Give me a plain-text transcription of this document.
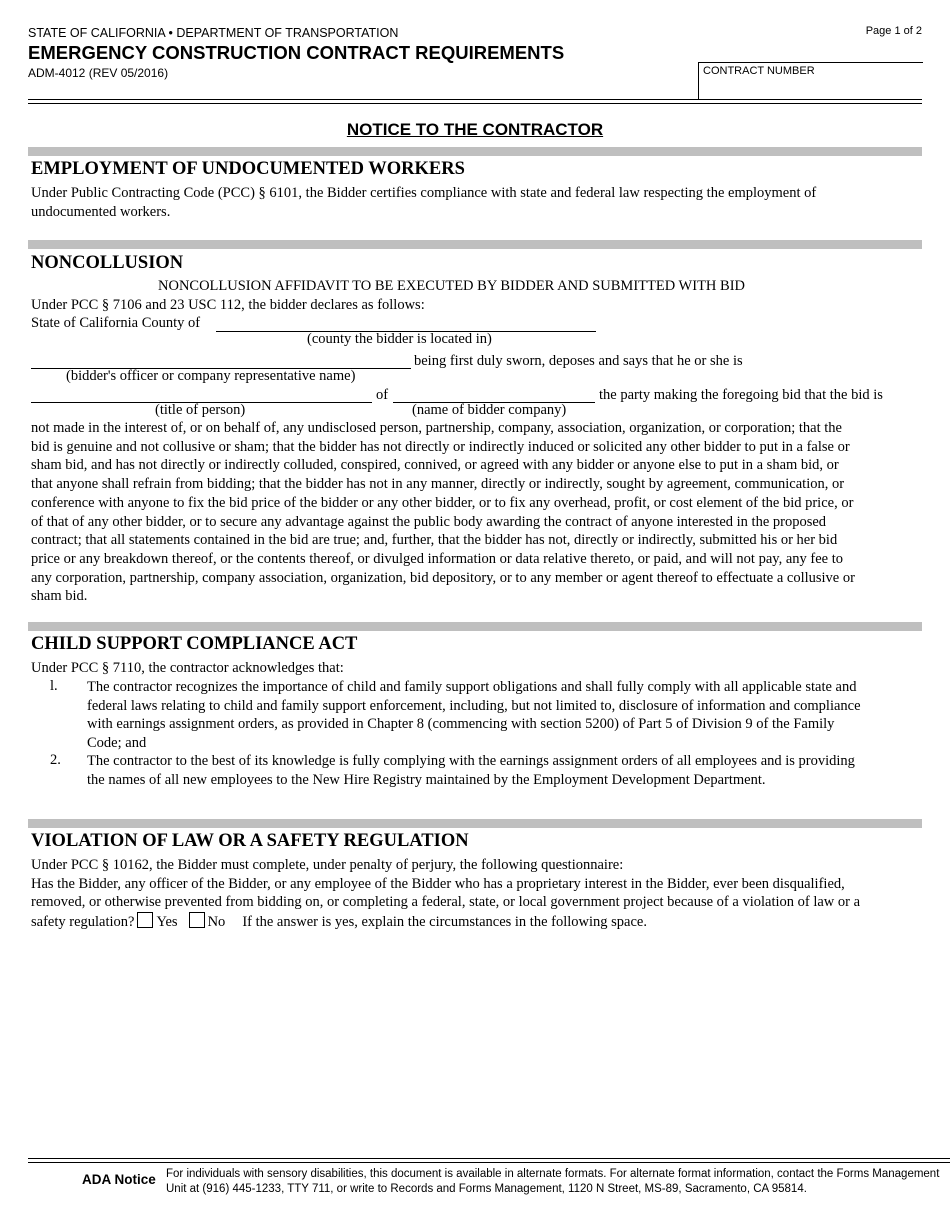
STATE OF CALIFORNIA • DEPARTMENT OF TRANSPORTATION
EMERGENCY CONSTRUCTION CONTRACT REQUIREMENTS
ADM-4012 (REV 05/2016)
Page 1 of 2
CONTRACT NUMBER
NOTICE TO THE CONTRACTOR
EMPLOYMENT OF UNDOCUMENTED WORKERS
Under Public Contracting Code (PCC) § 6101, the Bidder certifies compliance with state and federal law respecting the employment of
undocumented workers.
NONCOLLUSION
NONCOLLUSION AFFIDAVIT TO BE EXECUTED BY BIDDER AND SUBMITTED WITH BID
Under PCC § 7106 and 23 USC 112, the bidder declares as follows:
State of California County of
(county the bidder is located in)
being first duly sworn, deposes and says that he or she is
(bidder's officer or company representative name)
of	the party making the foregoing bid that the bid is
(title of person)	(name of bidder company)
not made in the interest of, or on behalf of, any undisclosed person, partnership, company, association, organization, or corporation; that the
bid is genuine and not collusive or sham; that the bidder has not directly or indirectly induced or solicited any other bidder to put in a false or
sham bid, and has not directly or indirectly colluded, conspired, connived, or agreed with any bidder or anyone else to put in a sham bid, or
that anyone shall refrain from bidding; that the bidder has not in any manner, directly or indirectly, sought by agreement, communication, or
conference with anyone to fix the bid price of the bidder or any other bidder, or to fix any overhead, profit, or cost element of the bid price, or
of that of any other bidder, or to secure any advantage against the public body awarding the contract of anyone interested in the proposed
contract; that all statements contained in the bid are true; and, further, that the bidder has not, directly or indirectly, submitted his or her bid
price or any breakdown thereof, or the contents thereof, or divulged information or data relative thereto, or paid, and will not pay, any fee to
any corporation, partnership, company association, organization, bid depository, or to any member or agent thereof to effectuate a collusive or
sham bid.
CHILD SUPPORT COMPLIANCE ACT
Under PCC § 7110, the contractor acknowledges that:
l. The contractor recognizes the importance of child and family support obligations and shall fully comply with all applicable state and
federal laws relating to child and family support enforcement, including, but not limited to, disclosure of information and compliance
with earnings assignment orders, as provided in Chapter 8 (commencing with section 5200) of Part 5 of Division 9 of the Family
Code; and
2. The contractor to the best of its knowledge is fully complying with the earnings assignment orders of all employees and is providing
the names of all new employees to the New Hire Registry maintained by the Employment Development Department.
VIOLATION OF LAW OR A SAFETY REGULATION
Under PCC § 10162, the Bidder must complete, under penalty of perjury, the following questionnaire:
Has the Bidder, any officer of the Bidder, or any employee of the Bidder who has a proprietary interest in the Bidder, ever been disqualified,
removed, or otherwise prevented from bidding on, or completing a federal, state, or local government project because of a violation of law or a
safety regulation? Yes No If the answer is yes, explain the circumstances in the following space.
ADA Notice For individuals with sensory disabilities, this document is available in alternate formats. For alternate format information, contact the Forms Management
Unit at (916) 445-1233, TTY 711, or write to Records and Forms Management, 1120 N Street, MS-89, Sacramento, CA 95814.
